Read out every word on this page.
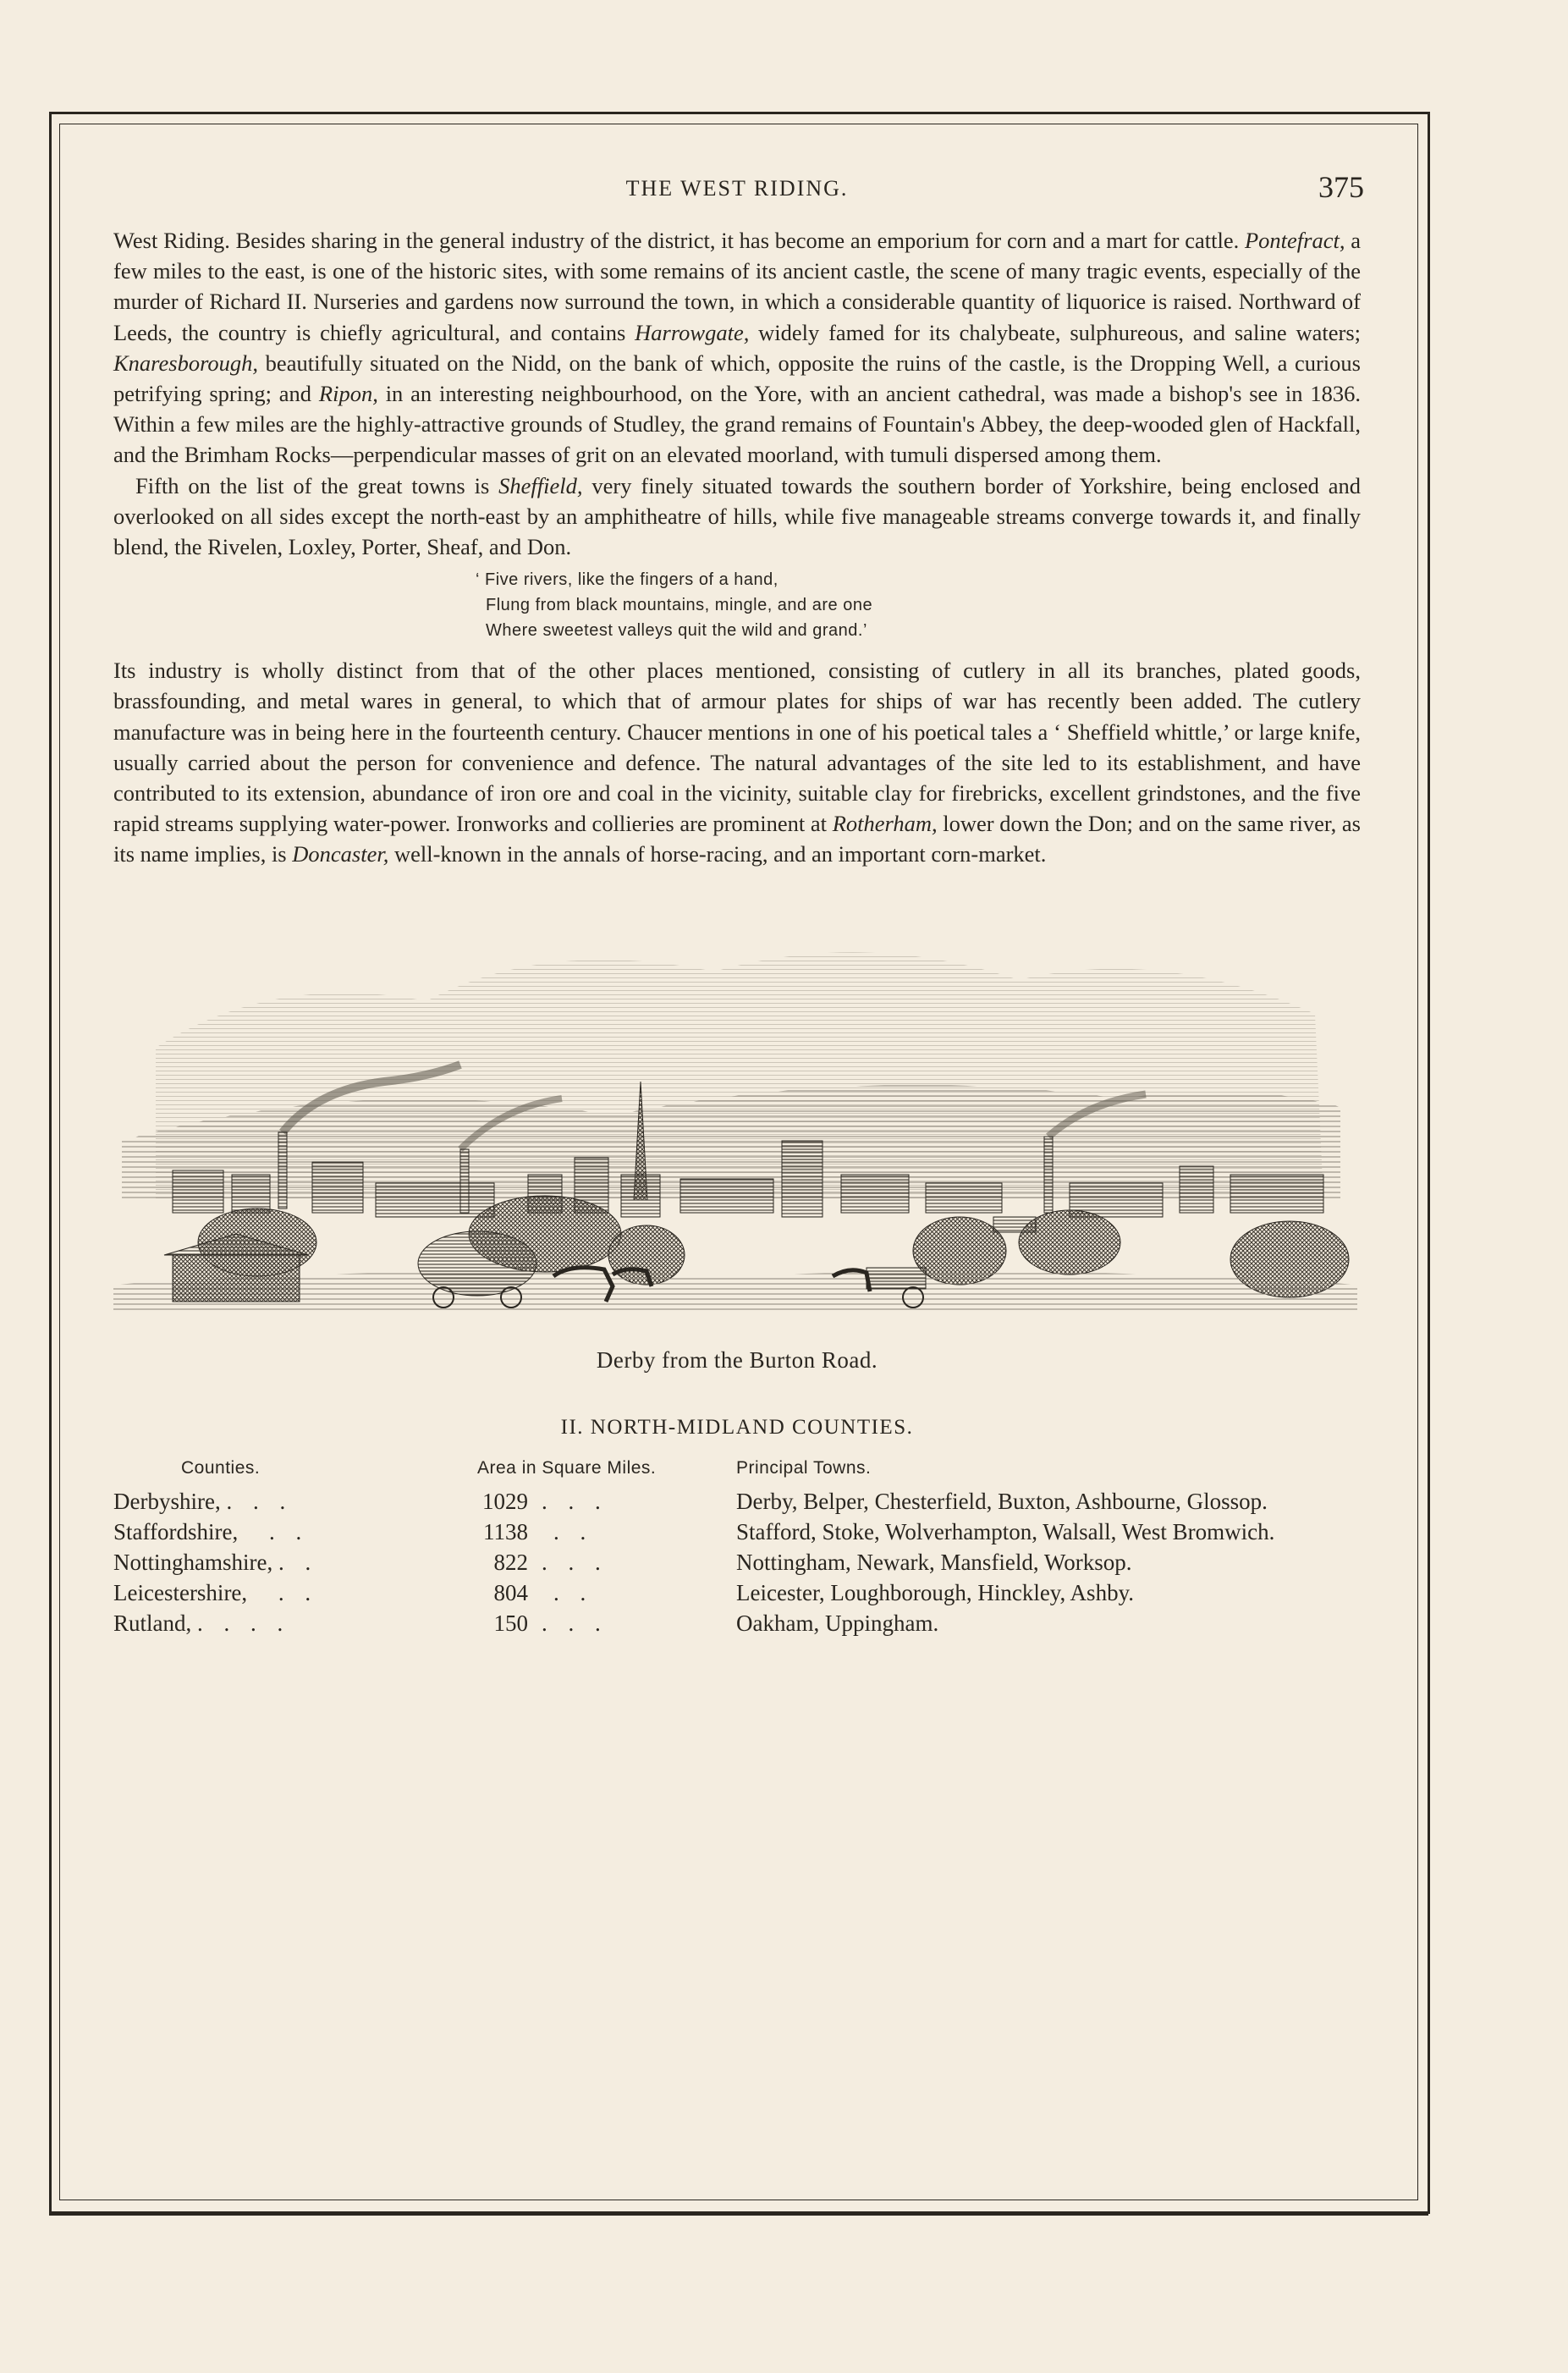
THE WEST RIDING.	375

West Riding. Besides sharing in the general industry of the district, it has become an emporium for corn and a mart for cattle. Pontefract, a few miles to the east, is one of the historic sites, with some remains of its ancient castle, the scene of many tragic events, especially of the murder of Richard II. Nurseries and gardens now surround the town, in which a considerable quantity of liquorice is raised. Northward of Leeds, the country is chiefly agricultural, and contains Harrowgate, widely famed for its chalybeate, sulphureous, and saline waters; Knaresborough, beautifully situated on the Nidd, on the bank of which, opposite the ruins of the castle, is the Dropping Well, a curious petrifying spring; and Ripon, in an interesting neighbourhood, on the Yore, with an ancient cathedral, was made a bishop's see in 1836. Within a few miles are the highly-attractive grounds of Studley, the grand remains of Fountain's Abbey, the deep-wooded glen of Hackfall, and the Brimham Rocks—perpendicular masses of grit on an elevated moorland, with tumuli dispersed among them.

Fifth on the list of the great towns is Sheffield, very finely situated towards the southern border of Yorkshire, being enclosed and overlooked on all sides except the north-east by an amphitheatre of hills, while five manageable streams converge towards it, and finally blend, the Rivelen, Loxley, Porter, Sheaf, and Don.

‘ Five rivers, like the fingers of a hand,
Flung from black mountains, mingle, and are one
Where sweetest valleys quit the wild and grand.’

Its industry is wholly distinct from that of the other places mentioned, consisting of cutlery in all its branches, plated goods, brassfounding, and metal wares in general, to which that of armour plates for ships of war has recently been added. The cutlery manufacture was in being here in the fourteenth century. Chaucer mentions in one of his poetical tales a ‘ Sheffield whittle,’ or large knife, usually carried about the person for convenience and defence. The natural advantages of the site led to its establishment, and have contributed to its extension, abundance of iron ore and coal in the vicinity, suitable clay for firebricks, excellent grindstones, and the five rapid streams supplying water-power. Ironworks and collieries are prominent at Rotherham, lower down the Don; and on the same river, as its name implies, is Doncaster, well-known in the annals of horse-racing, and an important corn-market.

Derby from the Burton Road.
II. NORTH-MIDLAND COUNTIES.
Counties.	Area in Square Miles.		Principal Towns.
Derbyshire, . . .	1029	. . .	Derby, Belper, Chesterfield, Buxton, Ashbourne, Glossop.
Staffordshire, . .	1138	. .	Stafford, Stoke, Wolverhampton, Walsall, West Bromwich.
Nottinghamshire, . .	822	. . .	Nottingham, Newark, Mansfield, Worksop.
Leicestershire, . .	804	. .	Leicester, Loughborough, Hinckley, Ashby.
Rutland, . . . .	150	. . .	Oakham, Uppingham.
